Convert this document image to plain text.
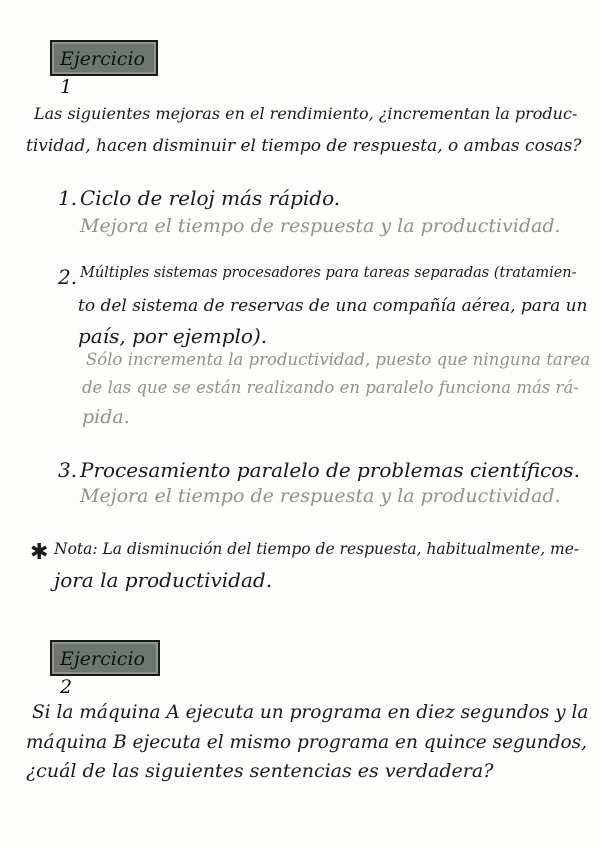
Ejercicio 1
Las siguientes mejoras en el rendimiento, ¿incrementan la produc-
tividad, hacen disminuir el tiempo de respuesta, o ambas cosas?
1. Ciclo de reloj más rápido.
Mejora el tiempo de respuesta y la productividad.
2. Múltiples sistemas procesadores para tareas separadas (tratamien-
to del sistema de reservas de una compañía aérea, para un
país, por ejemplo).
Sólo incrementa la productividad, puesto que ninguna tarea
de las que se están realizando en paralelo funciona más rá-
pida.
3. Procesamiento paralelo de problemas científicos.
Mejora el tiempo de respuesta y la productividad.
✱ Nota: La disminución del tiempo de respuesta, habitualmente, me-
jora la productividad.
Ejercicio 2
Si la máquina A ejecuta un programa en diez segundos y la
máquina B ejecuta el mismo programa en quince segundos,
¿cuál de las siguientes sentencias es verdadera?
